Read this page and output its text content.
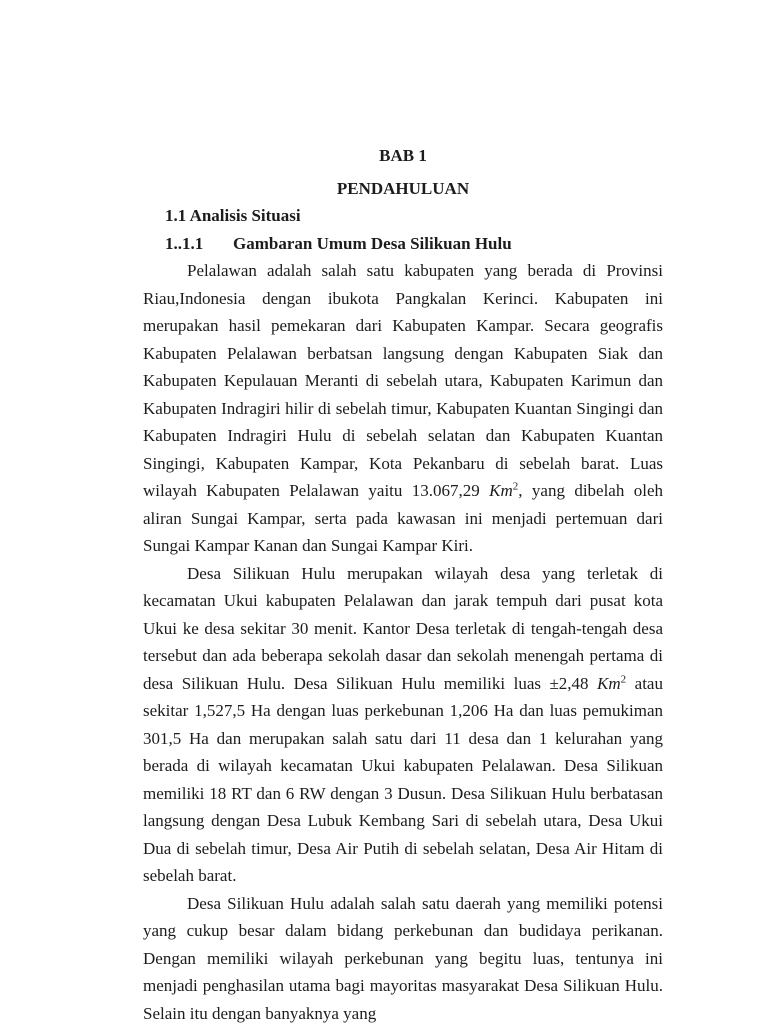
BAB 1
PENDAHULUAN
1.1 Analisis Situasi
1..1.1 Gambaran Umum Desa Silikuan Hulu

Pelalawan adalah salah satu kabupaten yang berada di Provinsi Riau,Indonesia dengan ibukota Pangkalan Kerinci. Kabupaten ini merupakan hasil pemekaran dari Kabupaten Kampar. Secara geografis Kabupaten Pelalawan berbatsan langsung dengan Kabupaten Siak dan Kabupaten Kepulauan Meranti di sebelah utara, Kabupaten Karimun dan Kabupaten Indragiri hilir di sebelah timur, Kabupaten Kuantan Singingi dan Kabupaten Indragiri Hulu di sebelah selatan dan Kabupaten Kuantan Singingi, Kabupaten Kampar, Kota Pekanbaru di sebelah barat. Luas wilayah Kabupaten Pelalawan yaitu 13.067,29 Km$^2$, yang dibelah oleh aliran Sungai Kampar, serta pada kawasan ini menjadi pertemuan dari Sungai Kampar Kanan dan Sungai Kampar Kiri.

Desa Silikuan Hulu merupakan wilayah desa yang terletak di kecamatan Ukui kabupaten Pelalawan dan jarak tempuh dari pusat kota Ukui ke desa sekitar 30 menit. Kantor Desa terletak di tengah-tengah desa tersebut dan ada beberapa sekolah dasar dan sekolah menengah pertama di desa Silikuan Hulu. Desa Silikuan Hulu memiliki luas ±2,48 Km$^2$ atau sekitar 1,527,5 Ha dengan luas perkebunan 1,206 Ha dan luas pemukiman 301,5 Ha dan merupakan salah satu dari 11 desa dan 1 kelurahan yang berada di wilayah kecamatan Ukui kabupaten Pelalawan. Desa Silikuan memiliki 18 RT dan 6 RW dengan 3 Dusun. Desa Silikuan Hulu berbatasan langsung dengan Desa Lubuk Kembang Sari di sebelah utara, Desa Ukui Dua di sebelah timur, Desa Air Putih di sebelah selatan, Desa Air Hitam di sebelah barat.

Desa Silikuan Hulu adalah salah satu daerah yang memiliki potensi yang cukup besar dalam bidang perkebunan dan budidaya perikanan. Dengan memiliki wilayah perkebunan yang begitu luas, tentunya ini menjadi penghasilan utama bagi mayoritas masyarakat Desa Silikuan Hulu. Selain itu dengan banyaknya yang
